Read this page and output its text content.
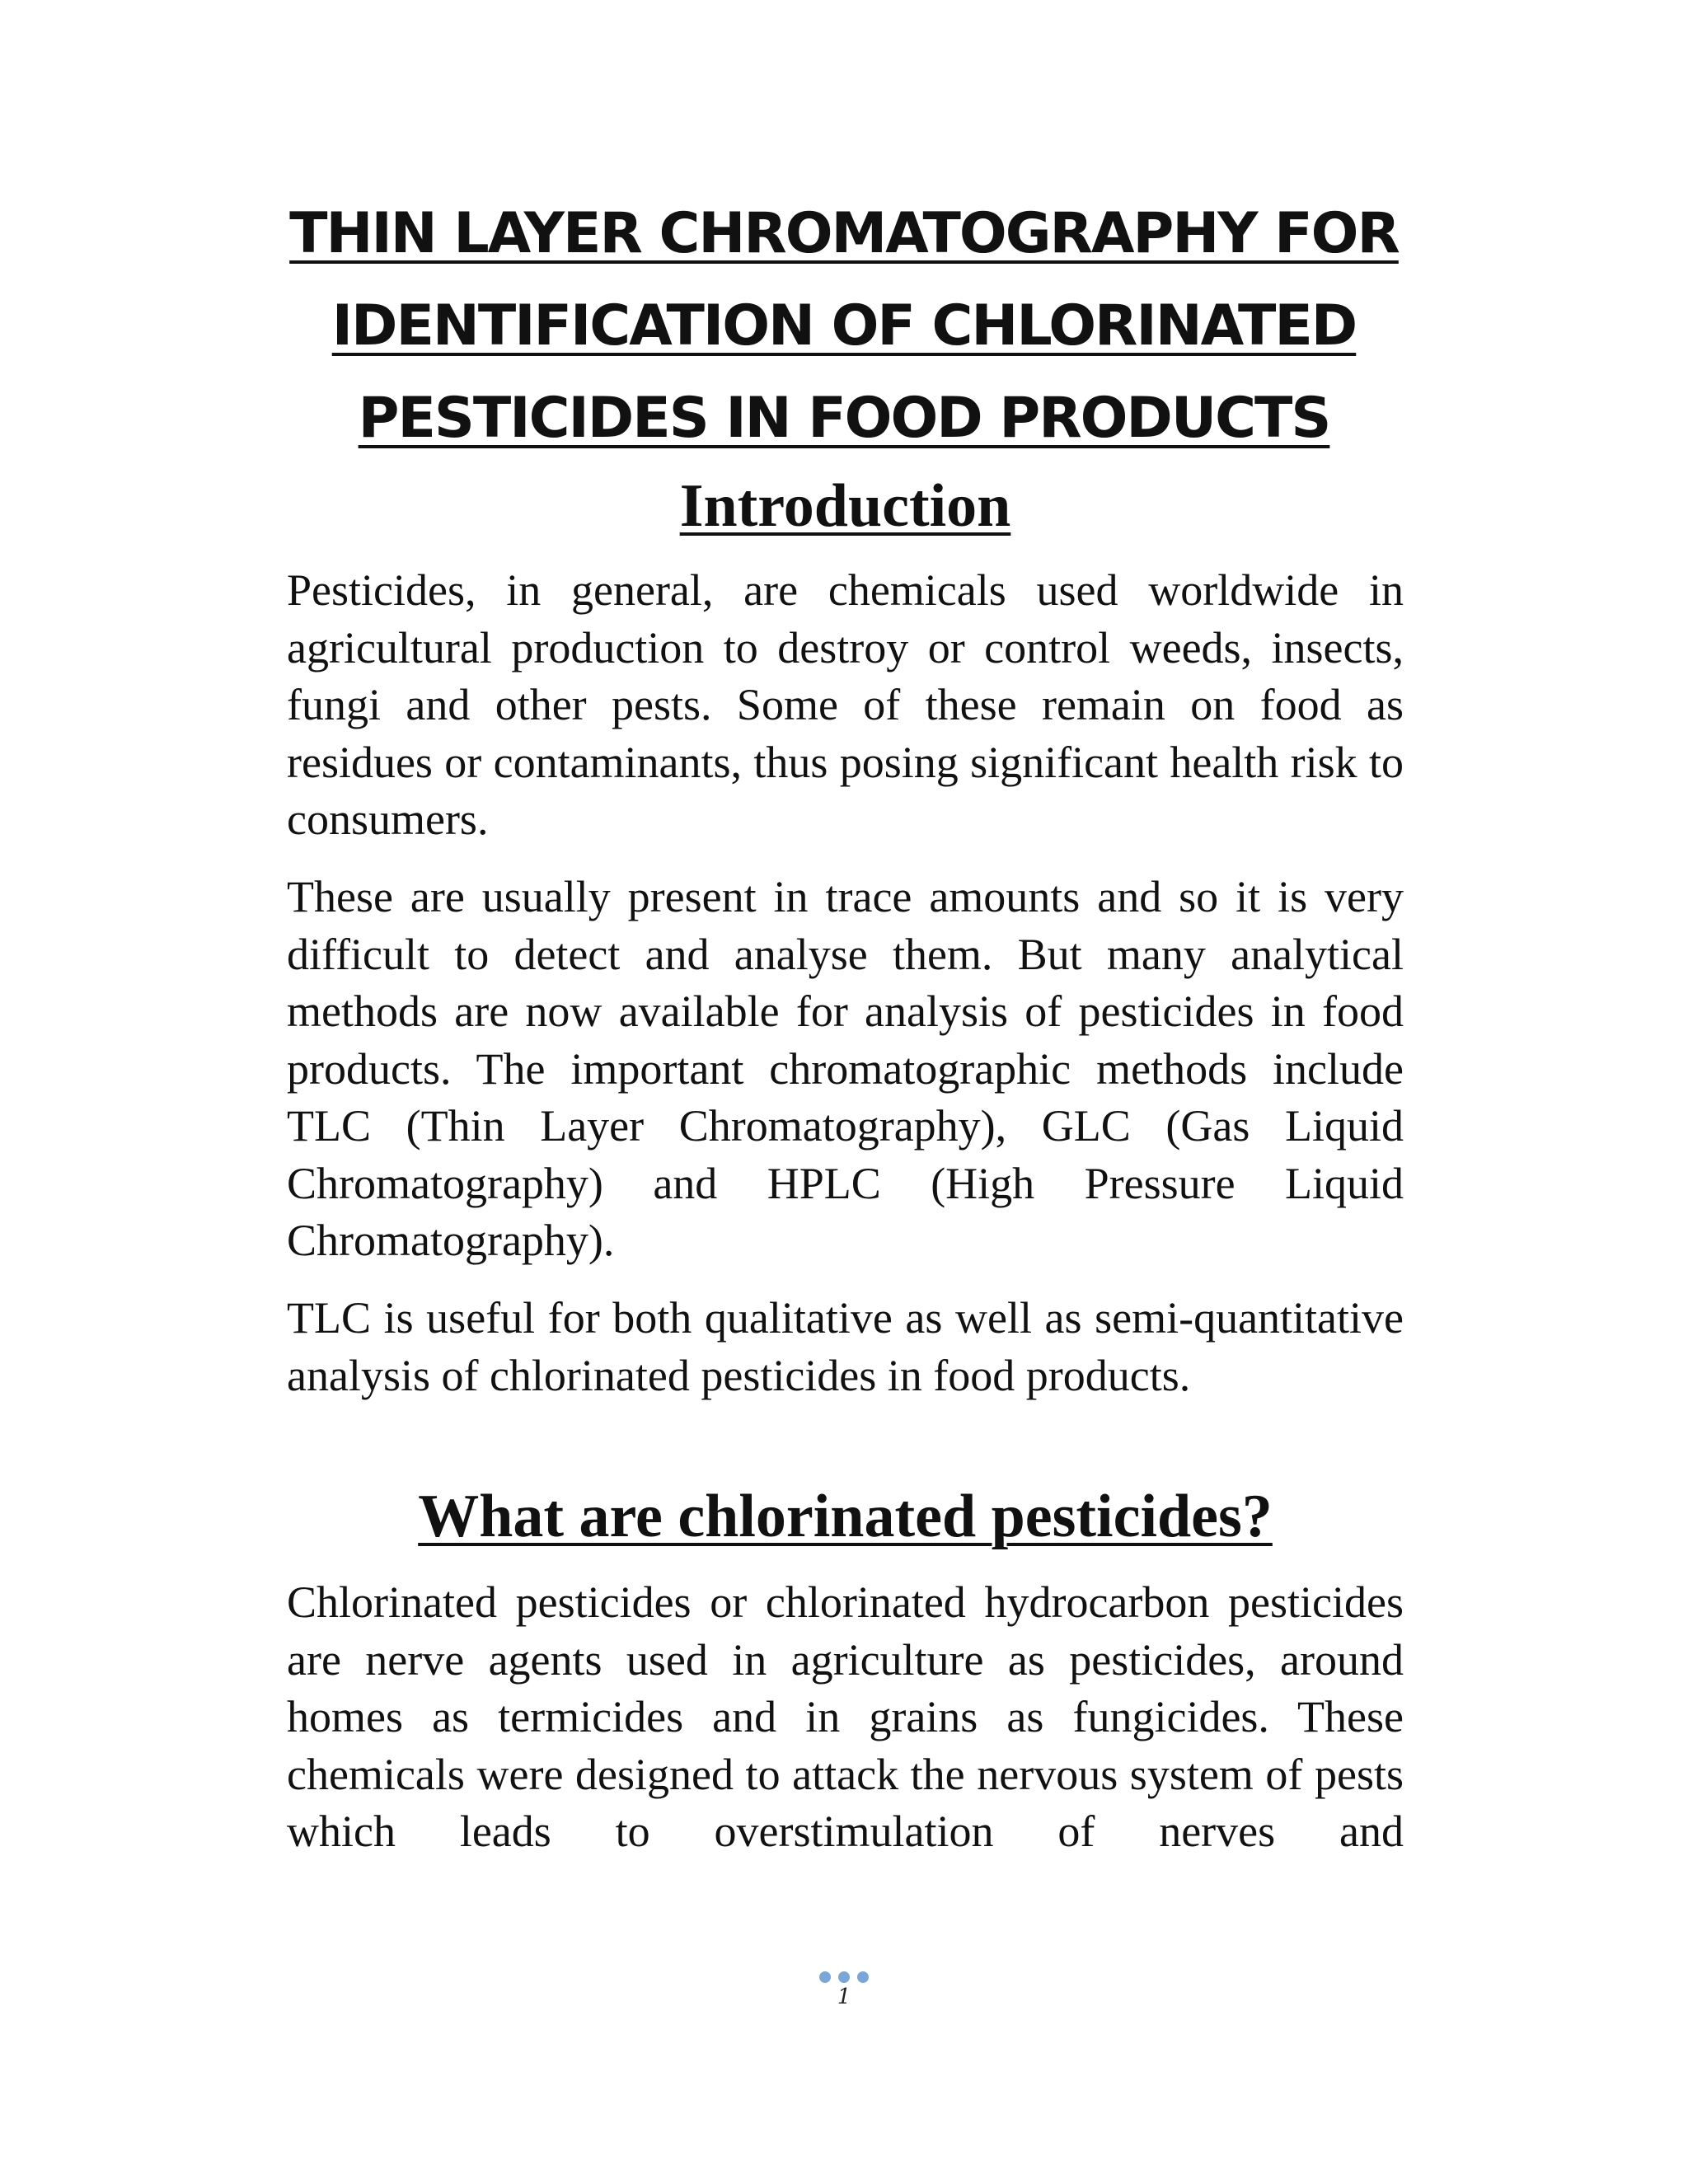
THIN LAYER CHROMATOGRAPHY FOR
IDENTIFICATION OF CHLORINATED
PESTICIDES IN FOOD PRODUCTS
Introduction

Pesticides, in general, are chemicals used worldwide in agricultural production to destroy or control weeds, insects, fungi and other pests. Some of these remain on food as residues or contaminants, thus posing significant health risk to consumers.

These are usually present in trace amounts and so it is very difficult to detect and analyse them. But many analytical methods are now available for analysis of pesticides in food products. The important chromatographic methods include TLC (Thin Layer Chromatography), GLC (Gas Liquid Chromatography) and HPLC (High Pressure Liquid Chromatography).

TLC is useful for both qualitative as well as semi-quantitative analysis of chlorinated pesticides in food products.

What are chlorinated pesticides?

Chlorinated pesticides or chlorinated hydrocarbon pesticides are nerve agents used in agriculture as pesticides, around homes as termicides and in grains as fungicides. These chemicals were designed to attack the nervous system of pests which leads to overstimulation of nerves and

1
